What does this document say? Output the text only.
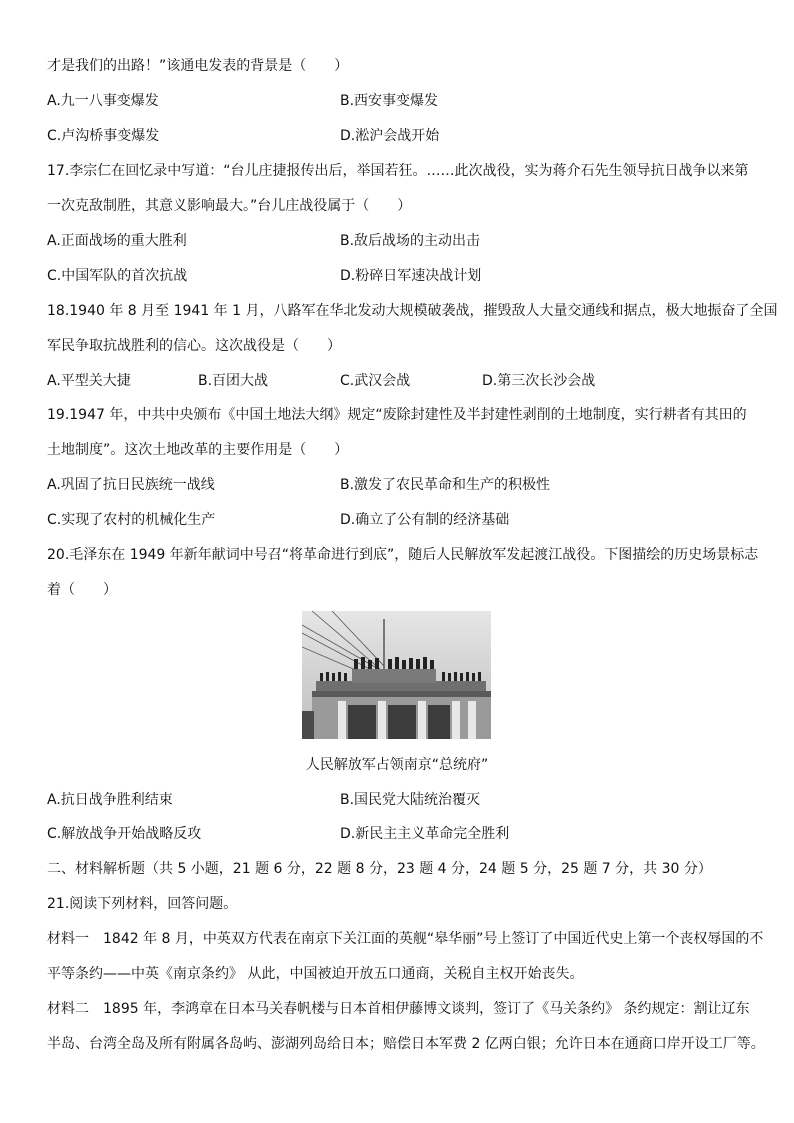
才是我们的出路！”该通电发表的背景是（　　）
A.九一八事变爆发	B.西安事变爆发
C.卢沟桥事变爆发	D.淞沪会战开始
17.李宗仁在回忆录中写道：“台儿庄捷报传出后，举国若狂。……此次战役，实为蒋介石先生领导抗日战争以来第
一次克敌制胜，其意义影响最大。”台儿庄战役属于（　　）
A.正面战场的重大胜利	B.敌后战场的主动出击
C.中国军队的首次抗战	D.粉碎日军速决战计划
18.1940 年 8 月至 1941 年 1 月，八路军在华北发动大规模破袭战，摧毁敌人大量交通线和据点，极大地振奋了全国
军民争取抗战胜利的信心。这次战役是（　　）
A.平型关大捷	B.百团大战	C.武汉会战	D.第三次长沙会战
19.1947 年，中共中央颁布《中国土地法大纲》规定“废除封建性及半封建性剥削的土地制度，实行耕者有其田的
土地制度”。这次土地改革的主要作用是（　　）
A.巩固了抗日民族统一战线	B.激发了农民革命和生产的积极性
C.实现了农村的机械化生产	D.确立了公有制的经济基础
20.毛泽东在 1949 年新年献词中号召“将革命进行到底”，随后人民解放军发起渡江战役。下图描绘的历史场景标志
着（　　）
人民解放军占领南京“总统府”
A.抗日战争胜利结束	B.国民党大陆统治覆灭
C.解放战争开始战略反攻	D.新民主主义革命完全胜利
二、材料解析题（共 5 小题，21 题 6 分，22 题 8 分，23 题 4 分，24 题 5 分，25 题 7 分，共 30 分）
21.阅读下列材料，回答问题。
材料一　1842 年 8 月，中英双方代表在南京下关江面的英舰“皋华丽”号上签订了中国近代史上第一个丧权辱国的不
平等条约——中英《南京条约》 从此，中国被迫开放五口通商，关税自主权开始丧失。
材料二　1895 年，李鸿章在日本马关春帆楼与日本首相伊藤博文谈判，签订了《马关条约》 条约规定：割让辽东
半岛、台湾全岛及所有附属各岛屿、澎湖列岛给日本；赔偿日本军费 2 亿两白银；允许日本在通商口岸开设工厂等。
